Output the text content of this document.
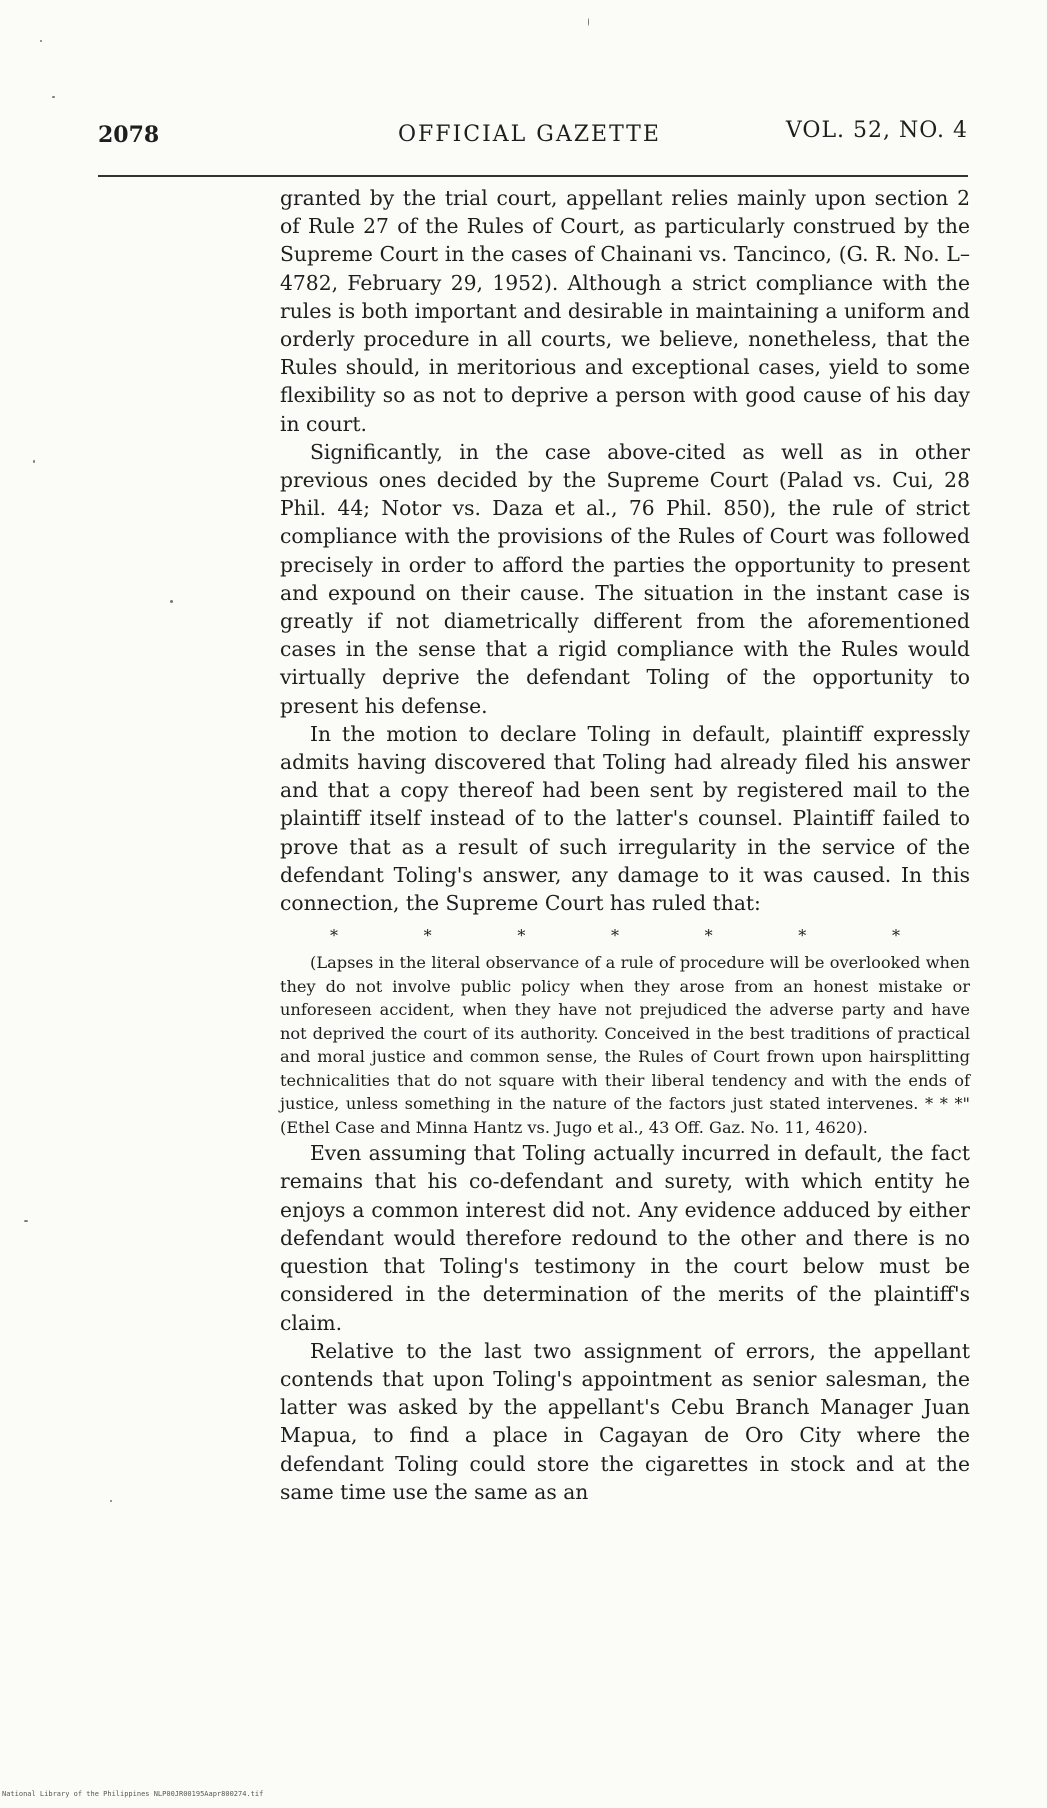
2078	OFFICIAL GAZETTE	VOL. 52, NO. 4

granted by the trial court, appellant relies mainly upon section 2 of Rule 27 of the Rules of Court, as particularly construed by the Supreme Court in the cases of Chainani vs. Tancinco, (G. R. No. L–4782, February 29, 1952). Although a strict compliance with the rules is both important and desirable in maintaining a uniform and orderly procedure in all courts, we believe, nonetheless, that the Rules should, in meritorious and exceptional cases, yield to some flexibility so as not to deprive a person with good cause of his day in court.

Significantly, in the case above-cited as well as in other previous ones decided by the Supreme Court (Palad vs. Cui, 28 Phil. 44; Notor vs. Daza et al., 76 Phil. 850), the rule of strict compliance with the provisions of the Rules of Court was followed precisely in order to afford the parties the opportunity to present and expound on their cause. The situation in the instant case is greatly if not diametrically different from the aforementioned cases in the sense that a rigid compliance with the Rules would virtually deprive the defendant Toling of the opportunity to present his defense.

In the motion to declare Toling in default, plaintiff expressly admits having discovered that Toling had already filed his answer and that a copy thereof had been sent by registered mail to the plaintiff itself instead of to the latter's counsel. Plaintiff failed to prove that as a result of such irregularity in the service of the defendant Toling's answer, any damage to it was caused. In this connection, the Supreme Court has ruled that:

*	*	*	*	*	*	*

(Lapses in the literal observance of a rule of procedure will be overlooked when they do not involve public policy when they arose from an honest mistake or unforeseen accident, when they have not prejudiced the adverse party and have not deprived the court of its authority. Conceived in the best traditions of practical and moral justice and common sense, the Rules of Court frown upon hairsplitting technicalities that do not square with their liberal tendency and with the ends of justice, unless something in the nature of the factors just stated intervenes. * * *" (Ethel Case and Minna Hantz vs. Jugo et al., 43 Off. Gaz. No. 11, 4620).

Even assuming that Toling actually incurred in default, the fact remains that his co-defendant and surety, with which entity he enjoys a common interest did not. Any evidence adduced by either defendant would therefore redound to the other and there is no question that Toling's testimony in the court below must be considered in the determination of the merits of the plaintiff's claim.

Relative to the last two assignment of errors, the appellant contends that upon Toling's appointment as senior salesman, the latter was asked by the appellant's Cebu Branch Manager Juan Mapua, to find a place in Cagayan de Oro City where the defendant Toling could store the cigarettes in stock and at the same time use the same as an

National Library of the Philippines NLP00JR00195Aapr800274.tif
